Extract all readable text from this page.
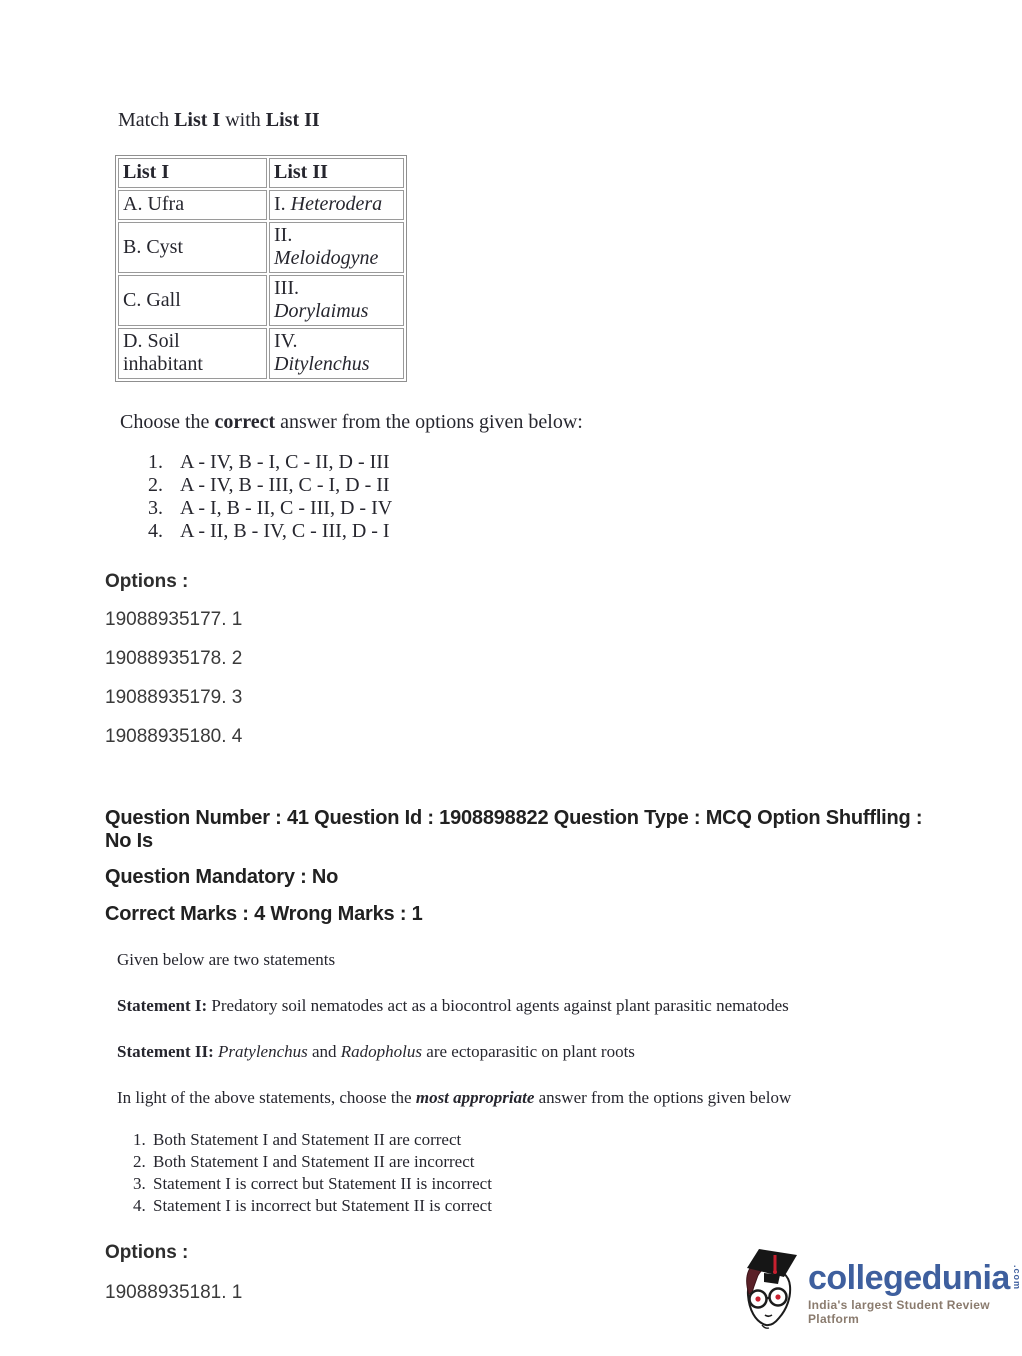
Match List I with List II
List I	List II
A. Ufra	I. Heterodera
B. Cyst	II. Meloidogyne
C. Gall	III. Dorylaimus
D. Soil inhabitant	IV. Ditylenchus
Choose the correct answer from the options given below:
1. A - IV, B - I, C - II, D - III
2. A - IV, B - III, C - I, D - II
3. A - I, B - II, C - III, D - IV
4. A - II, B - IV, C - III, D - I
Options :
19088935177. 1
19088935178. 2
19088935179. 3
19088935180. 4
Question Number : 41 Question Id : 1908898822 Question Type : MCQ Option Shuffling : No Is
Question Mandatory : No
Correct Marks : 4 Wrong Marks : 1
Given below are two statements
Statement I: Predatory soil nematodes act as a biocontrol agents against plant parasitic nematodes
Statement II: Pratylenchus and Radopholus are ectoparasitic on plant roots
In light of the above statements, choose the most appropriate answer from the options given below
1. Both Statement I and Statement II are correct
2. Both Statement I and Statement II are incorrect
3. Statement I is correct but Statement II is incorrect
4. Statement I is incorrect but Statement II is correct
Options :
19088935181. 1	collegedunia .com
India's largest Student Review Platform
